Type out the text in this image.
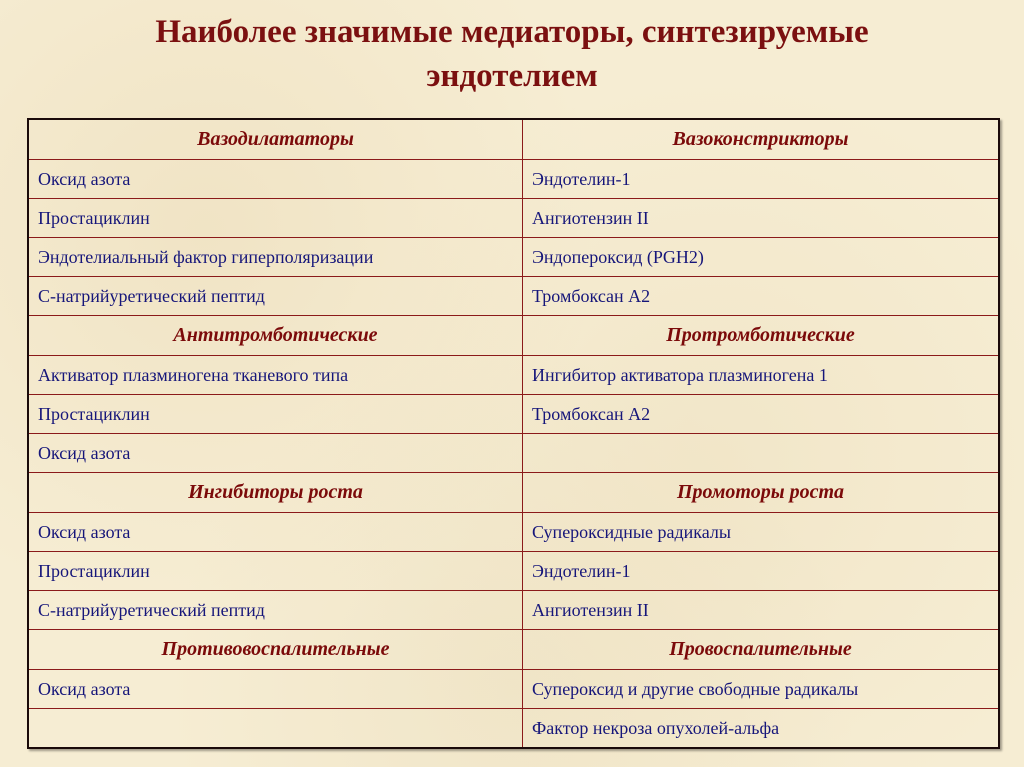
Наиболее значимые медиаторы, синтезируемые
эндотелием
Вазодилататоры	Вазоконстрикторы
Оксид азота	Эндотелин-1
Простациклин	Ангиотензин II
Эндотелиальный фактор гиперполяризации	Эндопероксид (PGH2)
С-натрийуретический пептид	Тромбоксан А2
Антитромботические	Протромботические
Активатор плазминогена тканевого типа	Ингибитор активатора плазминогена 1
Простациклин	Тромбоксан А2
Оксид азота	
Ингибиторы роста	Промоторы роста
Оксид азота	Супероксидные радикалы
Простациклин	Эндотелин-1
С-натрийуретический пептид	Ангиотензин II
Противовоспалительные	Провоспалительные
Оксид азота	Супероксид и другие свободные радикалы
	Фактор некроза опухолей-альфа
